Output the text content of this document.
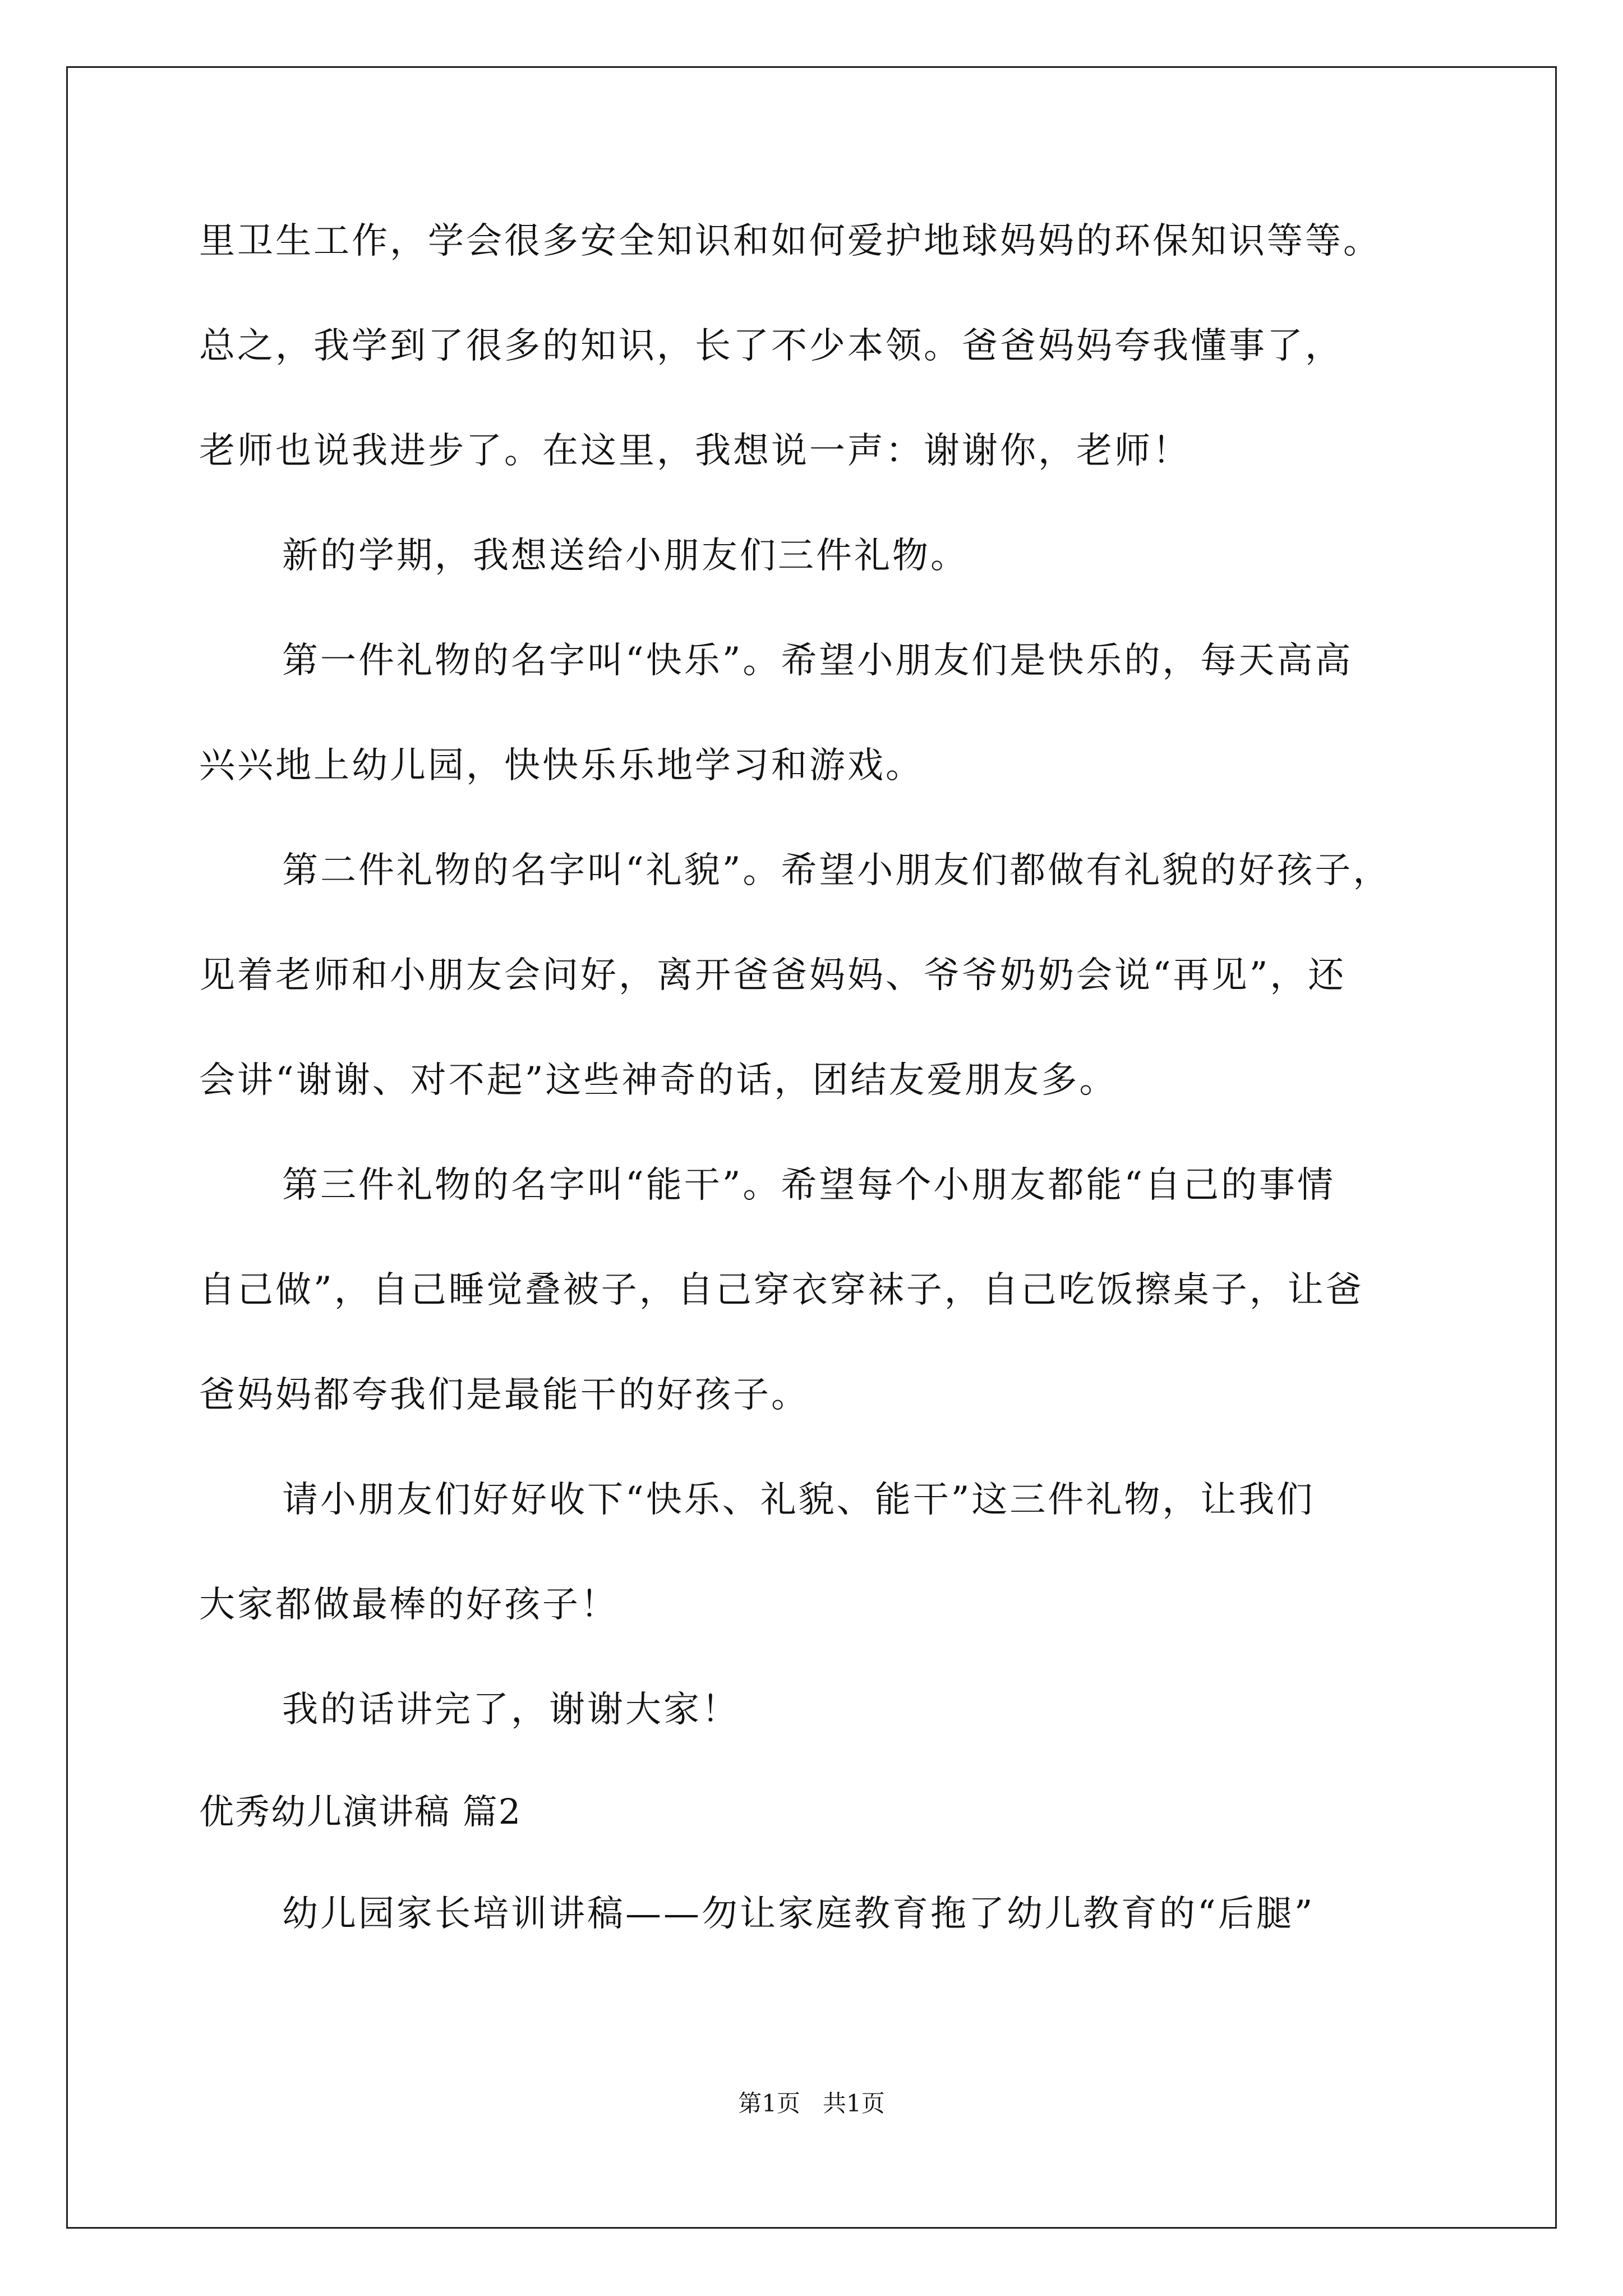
里卫生工作，学会很多安全知识和如何爱护地球妈妈的环保知识等等。
总之，我学到了很多的知识，长了不少本领。爸爸妈妈夸我懂事了，
老师也说我进步了。在这里，我想说一声：谢谢你，老师！
新的学期，我想送给小朋友们三件礼物。
第一件礼物的名字叫“快乐”。希望小朋友们是快乐的，每天高高
兴兴地上幼儿园，快快乐乐地学习和游戏。
第二件礼物的名字叫“礼貌”。希望小朋友们都做有礼貌的好孩子，
见着老师和小朋友会问好，离开爸爸妈妈、爷爷奶奶会说“再见”，还
会讲“谢谢、对不起”这些神奇的话，团结友爱朋友多。
第三件礼物的名字叫“能干”。希望每个小朋友都能“自己的事情
自己做”，自己睡觉叠被子，自己穿衣穿袜子，自己吃饭擦桌子，让爸
爸妈妈都夸我们是最能干的好孩子。
请小朋友们好好收下“快乐、礼貌、能干”这三件礼物，让我们
大家都做最棒的好孩子！
我的话讲完了，谢谢大家！
优秀幼儿演讲稿 篇2
幼儿园家长培训讲稿——勿让家庭教育拖了幼儿教育的“后腿”
第1页   共1页
